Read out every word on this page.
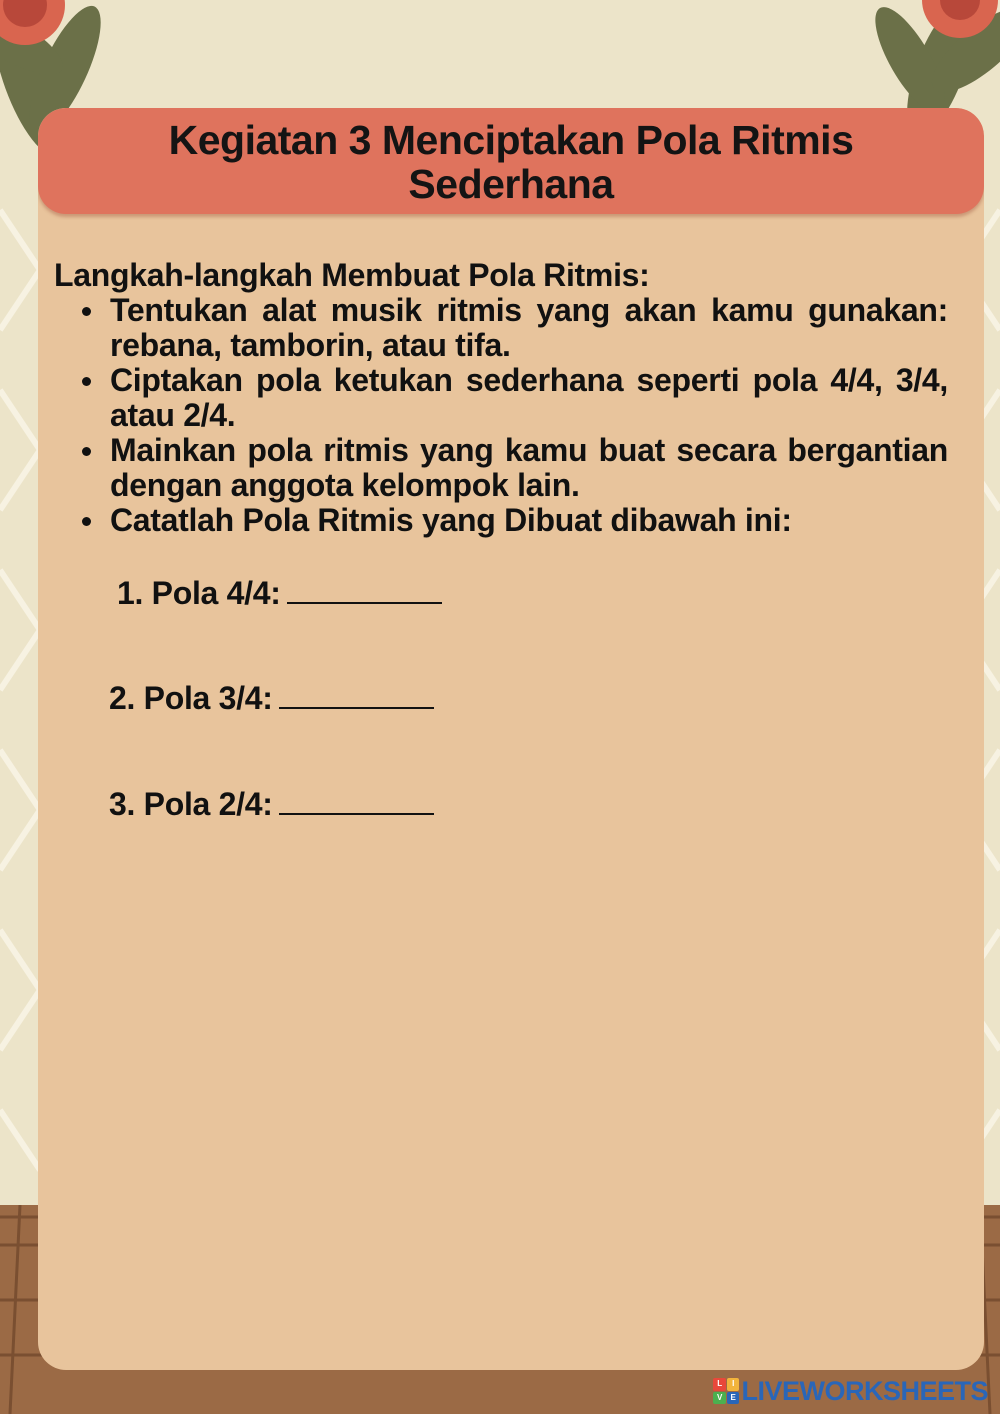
Kegiatan 3 Menciptakan Pola Ritmis Sederhana

Langkah-langkah Membuat Pola Ritmis:

Tentukan alat musik ritmis yang akan kamu gunakan: rebana, tamborin, atau tifa.
Ciptakan pola ketukan sederhana seperti pola 4/4, 3/4, atau 2/4.
Mainkan pola ritmis yang kamu buat secara bergantian dengan anggota kelompok lain.
Catatlah Pola Ritmis yang Dibuat dibawah ini:
1. Pola 4/4:
2. Pola 3/4:
3. Pola 2/4:
L	I
V	E LIVEWORKSHEETS
